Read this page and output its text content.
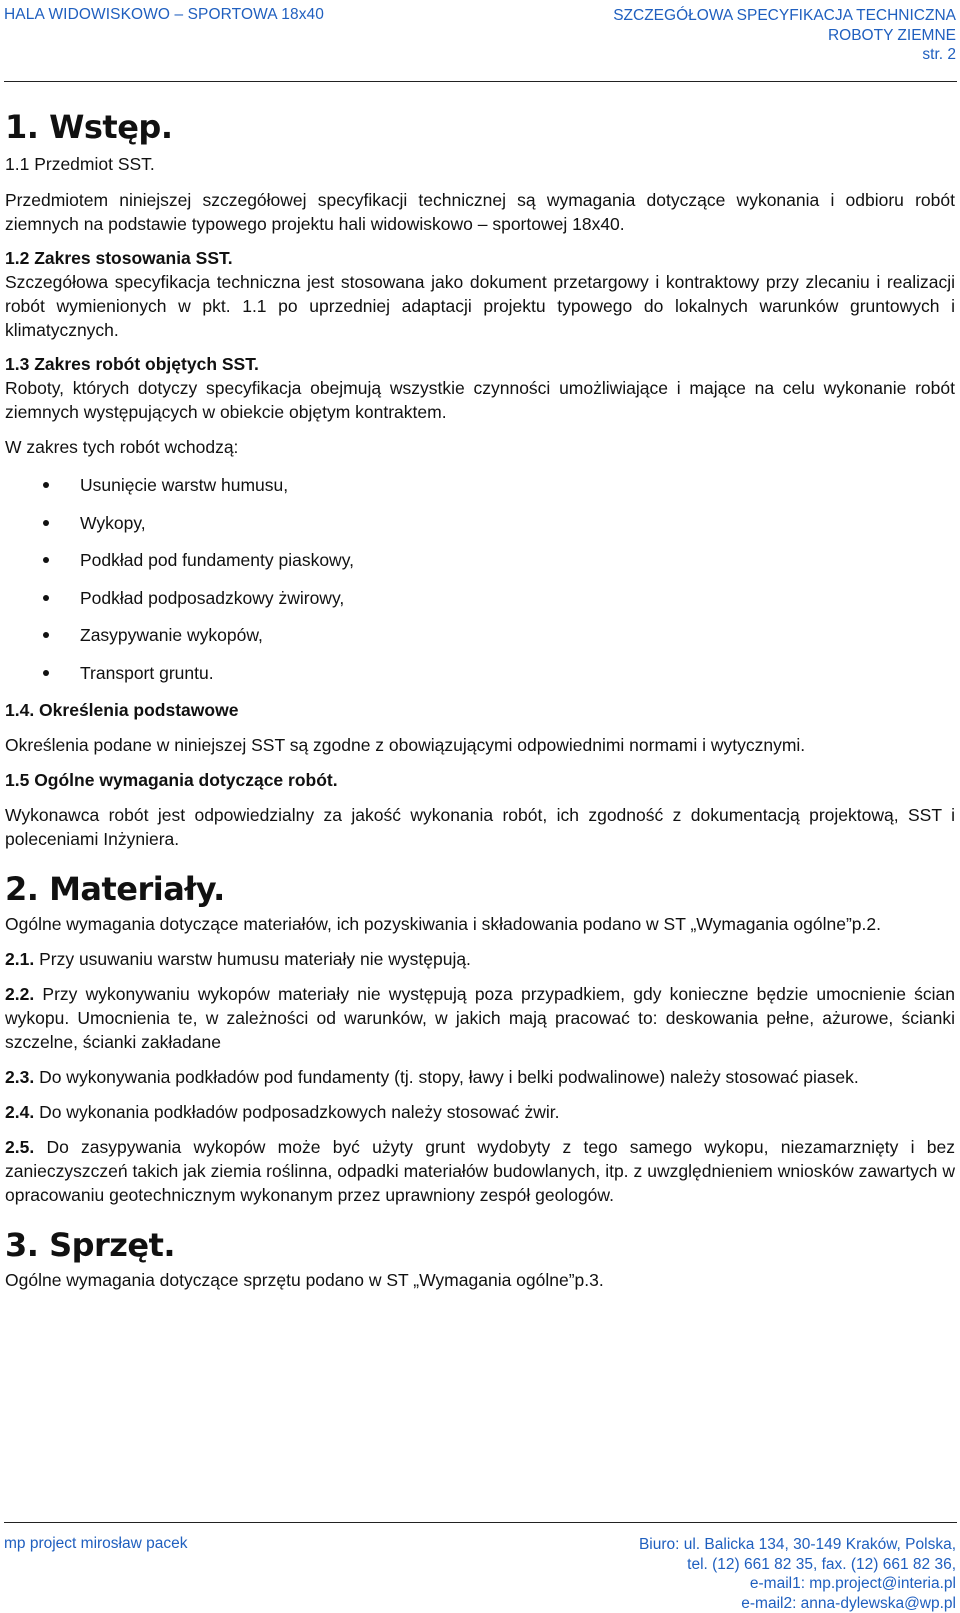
HALA WIDOWISKOWO – SPORTOWA 18x40	SZCZEGÓŁOWA SPECYFIKACJA TECHNICZNA
ROBOTY ZIEMNE
str. 2
1. Wstęp.

1.1 Przedmiot SST.

Przedmiotem niniejszej szczegółowej specyfikacji technicznej są wymagania dotyczące wykonania i odbioru robót ziemnych na podstawie typowego projektu hali widowiskowo – sportowej 18x40.

1.2 Zakres stosowania SST.

Szczegółowa specyfikacja techniczna jest stosowana jako dokument przetargowy i kontraktowy przy zlecaniu i realizacji robót wymienionych w pkt. 1.1 po uprzedniej adaptacji projektu typowego do lokalnych warunków gruntowych i klimatycznych.

1.3 Zakres robót objętych SST.

Roboty, których dotyczy specyfikacja obejmują wszystkie czynności umożliwiające i mające na celu wykonanie robót ziemnych występujących w obiekcie objętym kontraktem.

W zakres tych robót wchodzą:

Usunięcie warstw humusu,
Wykopy,
Podkład pod fundamenty piaskowy,
Podkład podposadzkowy żwirowy,
Zasypywanie wykopów,
Transport gruntu.

1.4. Określenia podstawowe

Określenia podane w niniejszej SST są zgodne z obowiązującymi odpowiednimi normami i wytycznymi.

1.5 Ogólne wymagania dotyczące robót.

Wykonawca robót jest odpowiedzialny za jakość wykonania robót, ich zgodność z dokumentacją projektową, SST i poleceniami Inżyniera.

2. Materiały.

Ogólne wymagania dotyczące materiałów, ich pozyskiwania i składowania podano w ST „Wymagania ogólne”p.2.

2.1. Przy usuwaniu warstw humusu materiały nie występują.

2.2. Przy wykonywaniu wykopów materiały nie występują poza przypadkiem, gdy konieczne będzie umocnienie ścian wykopu. Umocnienia te, w zależności od warunków, w jakich mają pracować to: deskowania pełne, ażurowe, ścianki szczelne, ścianki zakładane

2.3. Do wykonywania podkładów pod fundamenty (tj. stopy, ławy i belki podwalinowe) należy stosować piasek.

2.4. Do wykonania podkładów podposadzkowych należy stosować żwir.

2.5. Do zasypywania wykopów może być użyty grunt wydobyty z tego samego wykopu, niezamarznięty i bez zanieczyszczeń takich jak ziemia roślinna, odpadki materiałów budowlanych, itp. z uwzględnieniem wniosków zawartych w opracowaniu geotechnicznym wykonanym przez uprawniony zespół geologów.

3. Sprzęt.

Ogólne wymagania dotyczące sprzętu podano w ST „Wymagania ogólne”p.3.

mp project mirosław pacek	Biuro: ul. Balicka 134, 30-149 Kraków, Polska,
tel. (12) 661 82 35, fax. (12) 661 82 36,
e-mail1: mp.project@interia.pl
e-mail2: anna-dylewska@wp.pl
